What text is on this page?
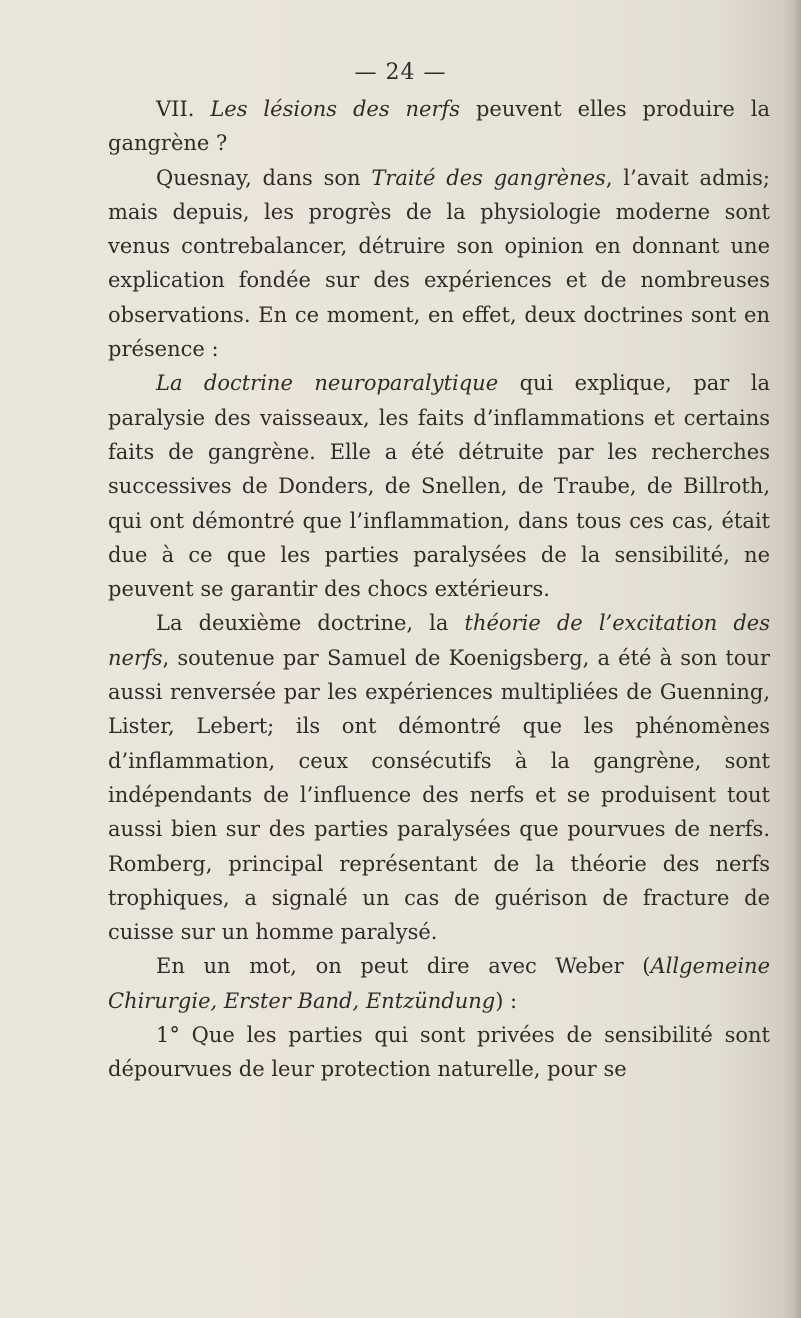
— 24 —

VII. Les lésions des nerfs peuvent elles produire la gangrène ?

Quesnay, dans son Traité des gangrènes, l’avait admis; mais depuis, les progrès de la physiologie moderne sont venus contrebalancer, détruire son opinion en donnant une explication fondée sur des expériences et de nombreuses observations. En ce moment, en effet, deux doctrines sont en présence :

La doctrine neuroparalytique qui explique, par la paralysie des vaisseaux, les faits d’inflammations et certains faits de gangrène. Elle a été détruite par les recherches successives de Donders, de Snellen, de Traube, de Billroth, qui ont démontré que l’inflammation, dans tous ces cas, était due à ce que les parties paralysées de la sensibilité, ne peuvent se garantir des chocs extérieurs.

La deuxième doctrine, la théorie de l’excitation des nerfs, soutenue par Samuel de Koenigsberg, a été à son tour aussi renversée par les expériences multipliées de Guenning, Lister, Lebert; ils ont démontré que les phénomènes d’inflammation, ceux consécutifs à la gangrène, sont indépendants de l’influence des nerfs et se produisent tout aussi bien sur des parties paralysées que pourvues de nerfs. Romberg, principal représentant de la théorie des nerfs trophiques, a signalé un cas de guérison de fracture de cuisse sur un homme paralysé.

En un mot, on peut dire avec Weber (Allgemeine Chirurgie, Erster Band, Entzündung) :

1° Que les parties qui sont privées de sensibilité sont dépourvues de leur protection naturelle, pour se
